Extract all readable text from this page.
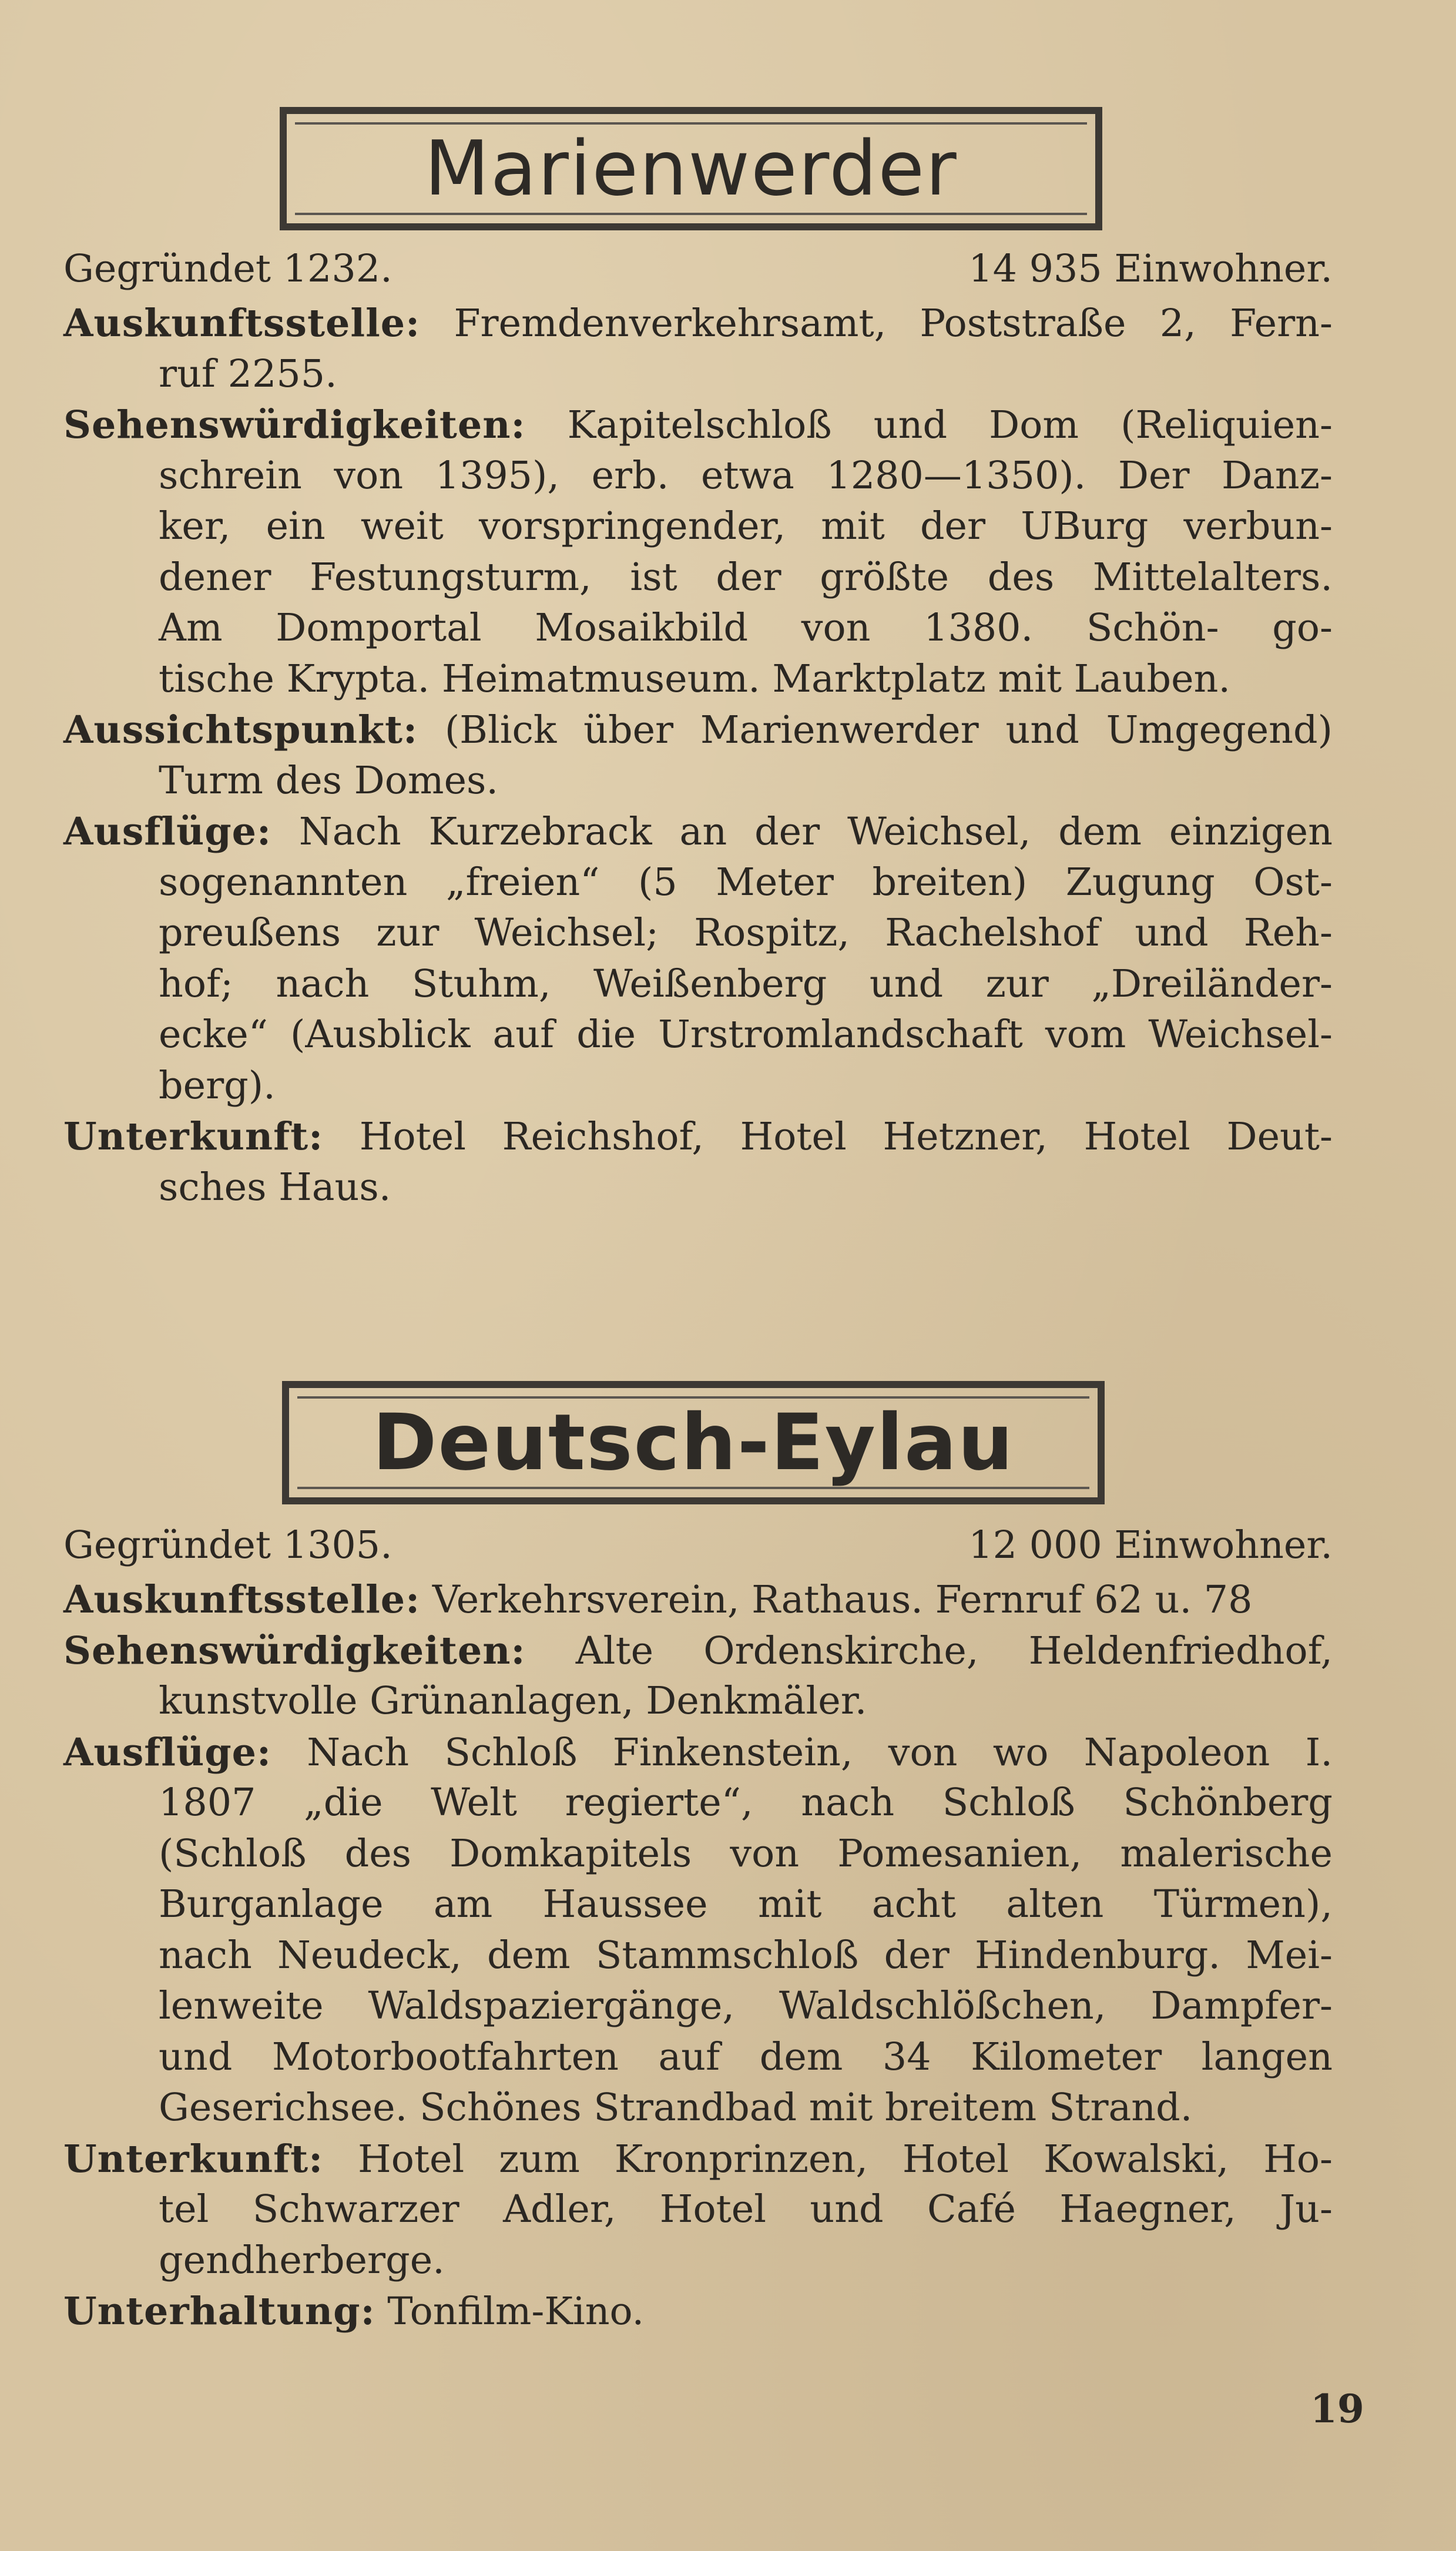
Marienwerder
Gegründet 1232.	14 935 Einwohner.
Auskunftsstelle: Fremdenverkehrsamt, Poststraße 2, Fern-
ruf 2255.
Sehenswürdigkeiten: Kapitelschloß und Dom (Reliquien-
schrein von 1395), erb. etwa 1280—1350). Der Danz-
ker, ein weit vorspringender, mit der UBurg verbun-
dener Festungsturm, ist der größte des Mittelalters.
Am Domportal Mosaikbild von 1380. Schön- go-
tische Krypta. Heimatmuseum. Marktplatz mit Lauben.
Aussichtspunkt: (Blick über Marienwerder und Umgegend)
Turm des Domes.
Ausflüge: Nach Kurzebrack an der Weichsel, dem einzigen
sogenannten „freien“ (5 Meter breiten) Zugung Ost-
preußens zur Weichsel; Rospitz, Rachelshof und Reh-
hof; nach Stuhm, Weißenberg und zur „Dreiländer-
ecke“ (Ausblick auf die Urstromlandschaft vom Weichsel-
berg).
Unterkunft: Hotel Reichshof, Hotel Hetzner, Hotel Deut-
sches Haus.
Deutsch-Eylau
Gegründet 1305.	12 000 Einwohner.
Auskunftsstelle: Verkehrsverein, Rathaus. Fernruf 62 u. 78
Sehenswürdigkeiten: Alte Ordenskirche, Heldenfriedhof,
kunstvolle Grünanlagen, Denkmäler.
Ausflüge: Nach Schloß Finkenstein, von wo Napoleon I.
1807 „die Welt regierte“, nach Schloß Schönberg
(Schloß des Domkapitels von Pomesanien, malerische
Burganlage am Haussee mit acht alten Türmen),
nach Neudeck, dem Stammschloß der Hindenburg. Mei-
lenweite Waldspaziergänge, Waldschlößchen, Dampfer-
und Motorbootfahrten auf dem 34 Kilometer langen
Geserichsee. Schönes Strandbad mit breitem Strand.
Unterkunft: Hotel zum Kronprinzen, Hotel Kowalski, Ho-
tel Schwarzer Adler, Hotel und Café Haegner, Ju-
gendherberge.
Unterhaltung: Tonfilm-Kino.
19
